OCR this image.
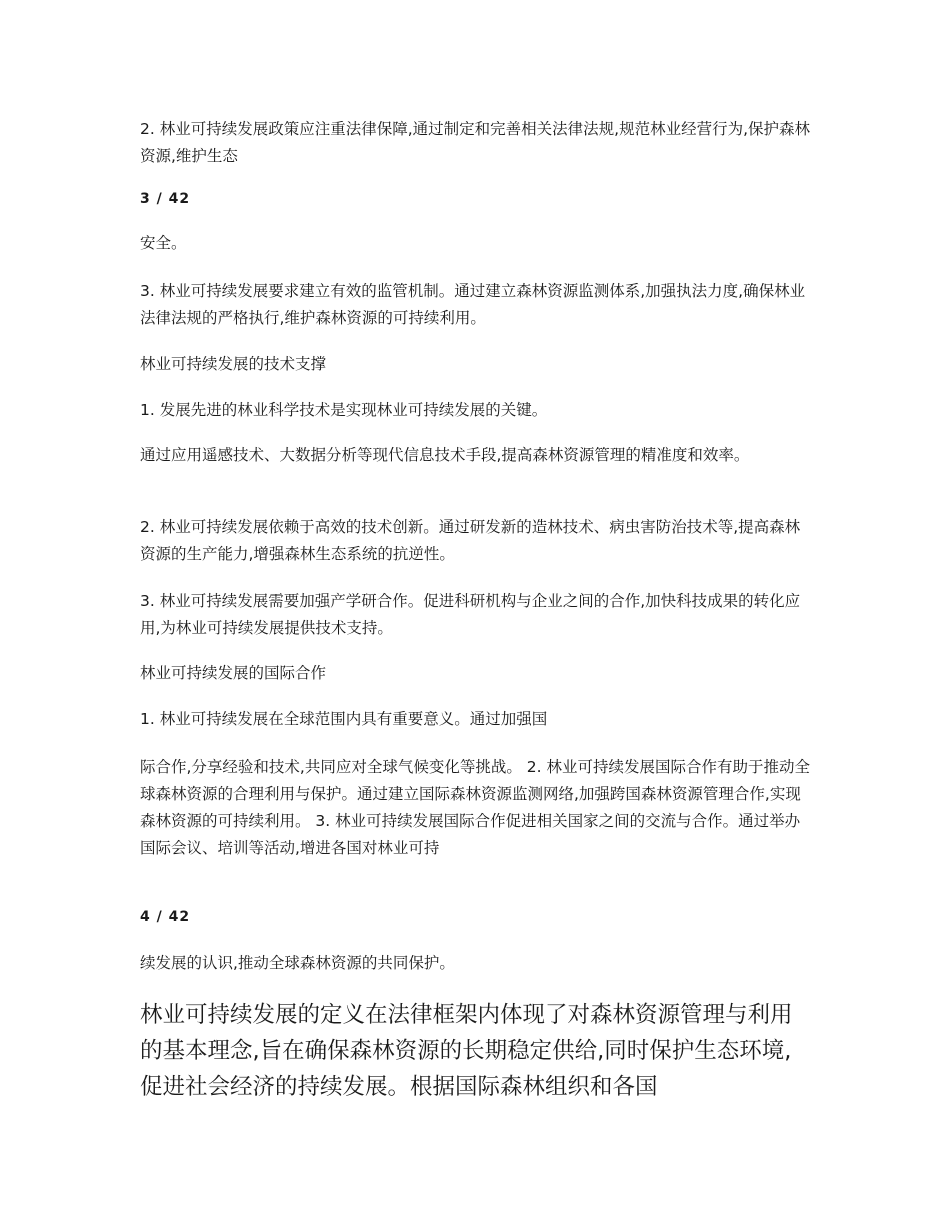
2. 林业可持续发展政策应注重法律保障,通过制定和完善相关法律法规,规范林业经营行为,保护森林资源,维护生态

3 / 42

安全。

3. 林业可持续发展要求建立有效的监管机制。通过建立森林资源监测体系,加强执法力度,确保林业法律法规的严格执行,维护森林资源的可持续利用。

林业可持续发展的技术支撑

1. 发展先进的林业科学技术是实现林业可持续发展的关键。

通过应用遥感技术、大数据分析等现代信息技术手段,提高森林资源管理的精准度和效率。

2. 林业可持续发展依赖于高效的技术创新。通过研发新的造林技术、病虫害防治技术等,提高森林资源的生产能力,增强森林生态系统的抗逆性。

3. 林业可持续发展需要加强产学研合作。促进科研机构与企业之间的合作,加快科技成果的转化应用,为林业可持续发展提供技术支持。

林业可持续发展的国际合作

1. 林业可持续发展在全球范围内具有重要意义。通过加强国

际合作,分享经验和技术,共同应对全球气候变化等挑战。 2. 林业可持续发展国际合作有助于推动全球森林资源的合理利用与保护。通过建立国际森林资源监测网络,加强跨国森林资源管理合作,实现森林资源的可持续利用。 3. 林业可持续发展国际合作促进相关国家之间的交流与合作。通过举办国际会议、培训等活动,增进各国对林业可持

4 / 42

续发展的认识,推动全球森林资源的共同保护。

林业可持续发展的定义在法律框架内体现了对森林资源管理与利用的基本理念,旨在确保森林资源的长期稳定供给,同时保护生态环境,促进社会经济的持续发展。根据国际森林组织和各国
